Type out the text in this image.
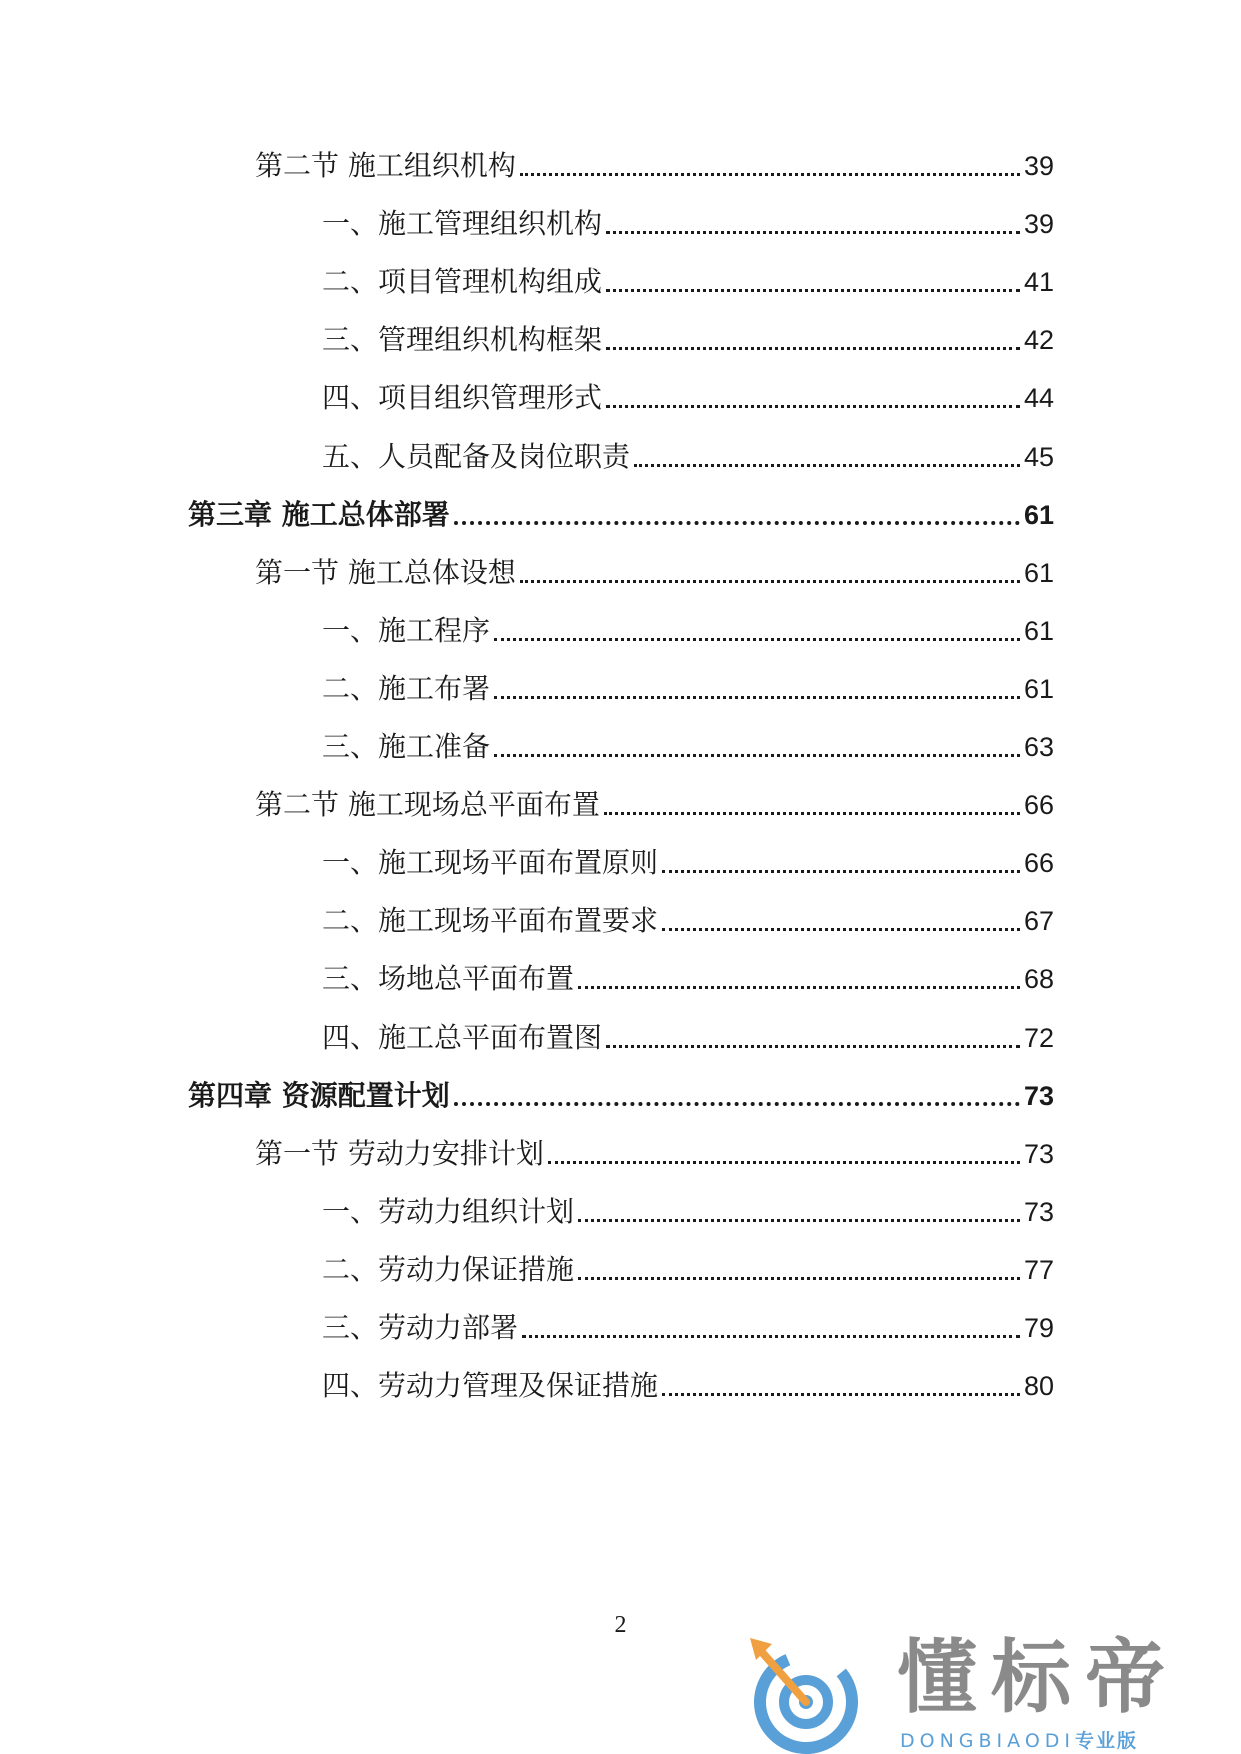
第二节 施工组织机构	39
一、施工管理组织机构	39
二、项目管理机构组成	41
三、管理组织机构框架	42
四、项目组织管理形式	44
五、人员配备及岗位职责	45
第三章 施工总体部署	61
第一节 施工总体设想	61
一、施工程序	61
二、施工布署	61
三、施工准备	63
第二节 施工现场总平面布置	66
一、施工现场平面布置原则	66
二、施工现场平面布置要求	67
三、场地总平面布置	68
四、施工总平面布置图	72
第四章 资源配置计划	73
第一节 劳动力安排计划	73
一、劳动力组织计划	73
二、劳动力保证措施	77
三、劳动力部署	79
四、劳动力管理及保证措施	80
2
懂标帝
DONGBIAODI专业版
